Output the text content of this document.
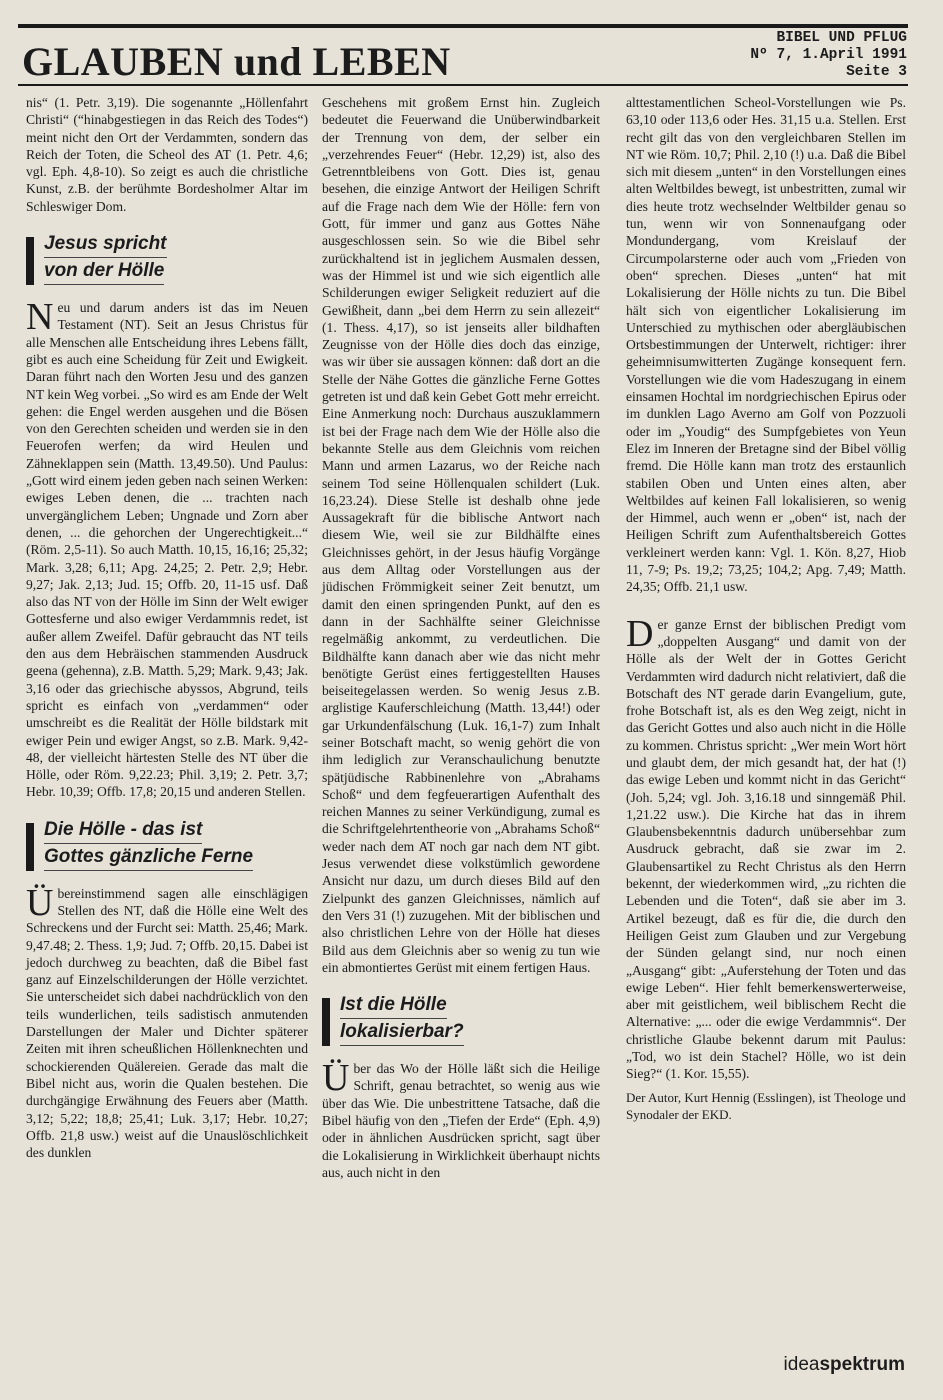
GLAUBEN und LEBEN
BIBEL UND PFLUG
Nº 7, 1.April 1991
Seite 3

nis“ (1. Petr. 3,19). Die sogenannte „Höllenfahrt Christi“ (“hinabgestiegen in das Reich des Todes“) meint nicht den Ort der Verdammten, sondern das Reich der Toten, die Scheol des AT (1. Petr. 4,6; vgl. Eph. 4,8-10). So zeigt es auch die christliche Kunst, z.B. der berühmte Bordesholmer Altar im Schleswiger Dom.

Jesus spricht
von der Hölle

Neu und darum anders ist das im Neuen Testament (NT). Seit an Jesus Christus für alle Menschen alle Entscheidung ihres Lebens fällt, gibt es auch eine Scheidung für Zeit und Ewigkeit. Daran führt nach den Worten Jesu und des ganzen NT kein Weg vorbei. „So wird es am Ende der Welt gehen: die Engel werden ausgehen und die Bösen von den Gerechten scheiden und werden sie in den Feuerofen werfen; da wird Heulen und Zähneklappen sein (Matth. 13,49.50). Und Paulus: „Gott wird einem jeden geben nach seinen Werken: ewiges Leben denen, die ... trachten nach unvergänglichem Leben; Ungnade und Zorn aber denen, ... die gehorchen der Ungerechtigkeit...“ (Röm. 2,5-11). So auch Matth. 10,15, 16,16; 25,32; Mark. 3,28; 6,11; Apg. 24,25; 2. Petr. 2,9; Hebr. 9,27; Jak. 2,13; Jud. 15; Offb. 20, 11-15 usf. Daß also das NT von der Hölle im Sinn der Welt ewiger Gottesferne und also ewiger Verdammnis redet, ist außer allem Zweifel. Dafür gebraucht das NT teils den aus dem Hebräischen stammenden Ausdruck geena (gehenna), z.B. Matth. 5,29; Mark. 9,43; Jak. 3,16 oder das griechische abyssos, Abgrund, teils spricht es einfach von „verdammen“ oder umschreibt es die Realität der Hölle bildstark mit ewiger Pein und ewiger Angst, so z.B. Mark. 9,42-48, der vielleicht härtesten Stelle des NT über die Hölle, oder Röm. 9,22.23; Phil. 3,19; 2. Petr. 3,7; Hebr. 10,39; Offb. 17,8; 20,15 und anderen Stellen.

Die Hölle - das ist
Gottes gänzliche Ferne

Übereinstimmend sagen alle einschlägigen Stellen des NT, daß die Hölle eine Welt des Schreckens und der Furcht sei: Matth. 25,46; Mark. 9,47.48; 2. Thess. 1,9; Jud. 7; Offb. 20,15. Dabei ist jedoch durchweg zu beachten, daß die Bibel fast ganz auf Einzelschilderungen der Hölle verzichtet. Sie unterscheidet sich dabei nachdrücklich von den teils wunderlichen, teils sadistisch anmutenden Darstellungen der Maler und Dichter späterer Zeiten mit ihren scheußlichen Höllenknechten und schockierenden Quälereien. Gerade das malt die Bibel nicht aus, worin die Qualen bestehen. Die durchgängige Erwähnung des Feuers aber (Matth. 3,12; 5,22; 18,8; 25,41; Luk. 3,17; Hebr. 10,27; Offb. 21,8 usw.) weist auf die Unauslöschlichkeit des dunklen

Geschehens mit großem Ernst hin. Zugleich bedeutet die Feuerwand die Unüberwindbarkeit der Trennung von dem, der selber ein „verzehrendes Feuer“ (Hebr. 12,29) ist, also des Getrenntbleibens von Gott. Dies ist, genau besehen, die einzige Antwort der Heiligen Schrift auf die Frage nach dem Wie der Hölle: fern von Gott, für immer und ganz aus Gottes Nähe ausgeschlossen sein. So wie die Bibel sehr zurückhaltend ist in jeglichem Ausmalen dessen, was der Himmel ist und wie sich eigentlich alle Schilderungen ewiger Seligkeit reduziert auf die Gewißheit, dann „bei dem Herrn zu sein allezeit“ (1. Thess. 4,17), so ist jenseits aller bildhaften Zeugnisse von der Hölle dies doch das einzige, was wir über sie aussagen können: daß dort an die Stelle der Nähe Gottes die gänzliche Ferne Gottes getreten ist und daß kein Gebet Gott mehr erreicht. Eine Anmerkung noch: Durchaus auszuklammern ist bei der Frage nach dem Wie der Hölle also die bekannte Stelle aus dem Gleichnis vom reichen Mann und armen Lazarus, wo der Reiche nach seinem Tod seine Höllenqualen schildert (Luk. 16,23.24). Diese Stelle ist deshalb ohne jede Aussagekraft für die biblische Antwort nach diesem Wie, weil sie zur Bildhälfte eines Gleichnisses gehört, in der Jesus häufig Vorgänge aus dem Alltag oder Vorstellungen aus der jüdischen Frömmigkeit seiner Zeit benutzt, um damit den einen springenden Punkt, auf den es dann in der Sachhälfte seiner Gleichnisse regelmäßig ankommt, zu verdeutlichen. Die Bildhälfte kann danach aber wie das nicht mehr benötigte Gerüst eines fertiggestellten Hauses beiseitegelassen werden. So wenig Jesus z.B. arglistige Kauferschleichung (Matth. 13,44!) oder gar Urkundenfälschung (Luk. 16,1-7) zum Inhalt seiner Botschaft macht, so wenig gehört die von ihm lediglich zur Veranschaulichung benutzte spätjüdische Rabbinenlehre von „Abrahams Schoß“ und dem fegfeuerartigen Aufenthalt des reichen Mannes zu seiner Verkündigung, zumal es die Schriftgelehrtentheorie von „Abrahams Schoß“ weder nach dem AT noch gar nach dem NT gibt. Jesus verwendet diese volkstümlich gewordene Ansicht nur dazu, um durch dieses Bild auf den Zielpunkt des ganzen Gleichnisses, nämlich auf den Vers 31 (!) zuzugehen. Mit der biblischen und also christlichen Lehre von der Hölle hat dieses Bild aus dem Gleichnis aber so wenig zu tun wie ein abmontiertes Gerüst mit einem fertigen Haus.

Ist die Hölle
lokalisierbar?

Über das Wo der Hölle läßt sich die Heilige Schrift, genau betrachtet, so wenig aus wie über das Wie. Die unbestrittene Tatsache, daß die Bibel häufig von den „Tiefen der Erde“ (Eph. 4,9) oder in ähnlichen Ausdrücken spricht, sagt über die Lokalisierung in Wirklichkeit überhaupt nichts aus, auch nicht in den

alttestamentlichen Scheol-Vorstellungen wie Ps. 63,10 oder 113,6 oder Hes. 31,15 u.a. Stellen. Erst recht gilt das von den vergleichbaren Stellen im NT wie Röm. 10,7; Phil. 2,10 (!) u.a. Daß die Bibel sich mit diesem „unten“ in den Vorstellungen eines alten Weltbildes bewegt, ist unbestritten, zumal wir dies heute trotz wechselnder Weltbilder genau so tun, wenn wir von Sonnenaufgang oder Mondundergang, vom Kreislauf der Circumpolarsterne oder auch vom „Frieden von oben“ sprechen. Dieses „unten“ hat mit Lokalisierung der Hölle nichts zu tun. Die Bibel hält sich von eigentlicher Lokalisierung im Unterschied zu mythischen oder abergläubischen Ortsbestimmungen der Unterwelt, richtiger: ihrer geheimnisumwitterten Zugänge konsequent fern. Vorstellungen wie die vom Hadeszugang in einem einsamen Hochtal im nordgriechischen Epirus oder im dunklen Lago Averno am Golf von Pozzuoli oder im „Youdig“ des Sumpfgebietes von Yeun Elez im Inneren der Bretagne sind der Bibel völlig fremd. Die Hölle kann man trotz des erstaunlich stabilen Oben und Unten eines alten, aber Weltbildes auf keinen Fall lokalisieren, so wenig der Himmel, auch wenn er „oben“ ist, nach der Heiligen Schrift zum Aufenthaltsbereich Gottes verkleinert werden kann: Vgl. 1. Kön. 8,27, Hiob 11, 7-9; Ps. 19,2; 73,25; 104,2; Apg. 7,49; Matth. 24,35; Offb. 21,1 usw.

Der ganze Ernst der biblischen Predigt vom „doppelten Ausgang“ und damit von der Hölle als der Welt der in Gottes Gericht Verdammten wird dadurch nicht relativiert, daß die Botschaft des NT gerade darin Evangelium, gute, frohe Botschaft ist, als es den Weg zeigt, nicht in das Gericht Gottes und also auch nicht in die Hölle zu kommen. Christus spricht: „Wer mein Wort hört und glaubt dem, der mich gesandt hat, der hat (!) das ewige Leben und kommt nicht in das Gericht“ (Joh. 5,24; vgl. Joh. 3,16.18 und sinngemäß Phil. 1,21.22 usw.). Die Kirche hat das in ihrem Glaubensbekenntnis dadurch unübersehbar zum Ausdruck gebracht, daß sie zwar im 2. Glaubensartikel zu Recht Christus als den Herrn bekennt, der wiederkommen wird, „zu richten die Lebenden und die Toten“, daß sie aber im 3. Artikel bezeugt, daß es für die, die durch den Heiligen Geist zum Glauben und zur Vergebung der Sünden gelangt sind, nur noch einen „Ausgang“ gibt: „Auferstehung der Toten und das ewige Leben“. Hier fehlt bemerkenswerterweise, aber mit geistlichem, weil biblischem Recht die Alternative: „... oder die ewige Verdammnis“. Der christliche Glaube bekennt darum mit Paulus: „Tod, wo ist dein Stachel? Hölle, wo ist dein Sieg?“ (1. Kor. 15,55).

Der Autor, Kurt Hennig (Esslingen), ist Theologe und Synodaler der EKD.

ideaspektrum
